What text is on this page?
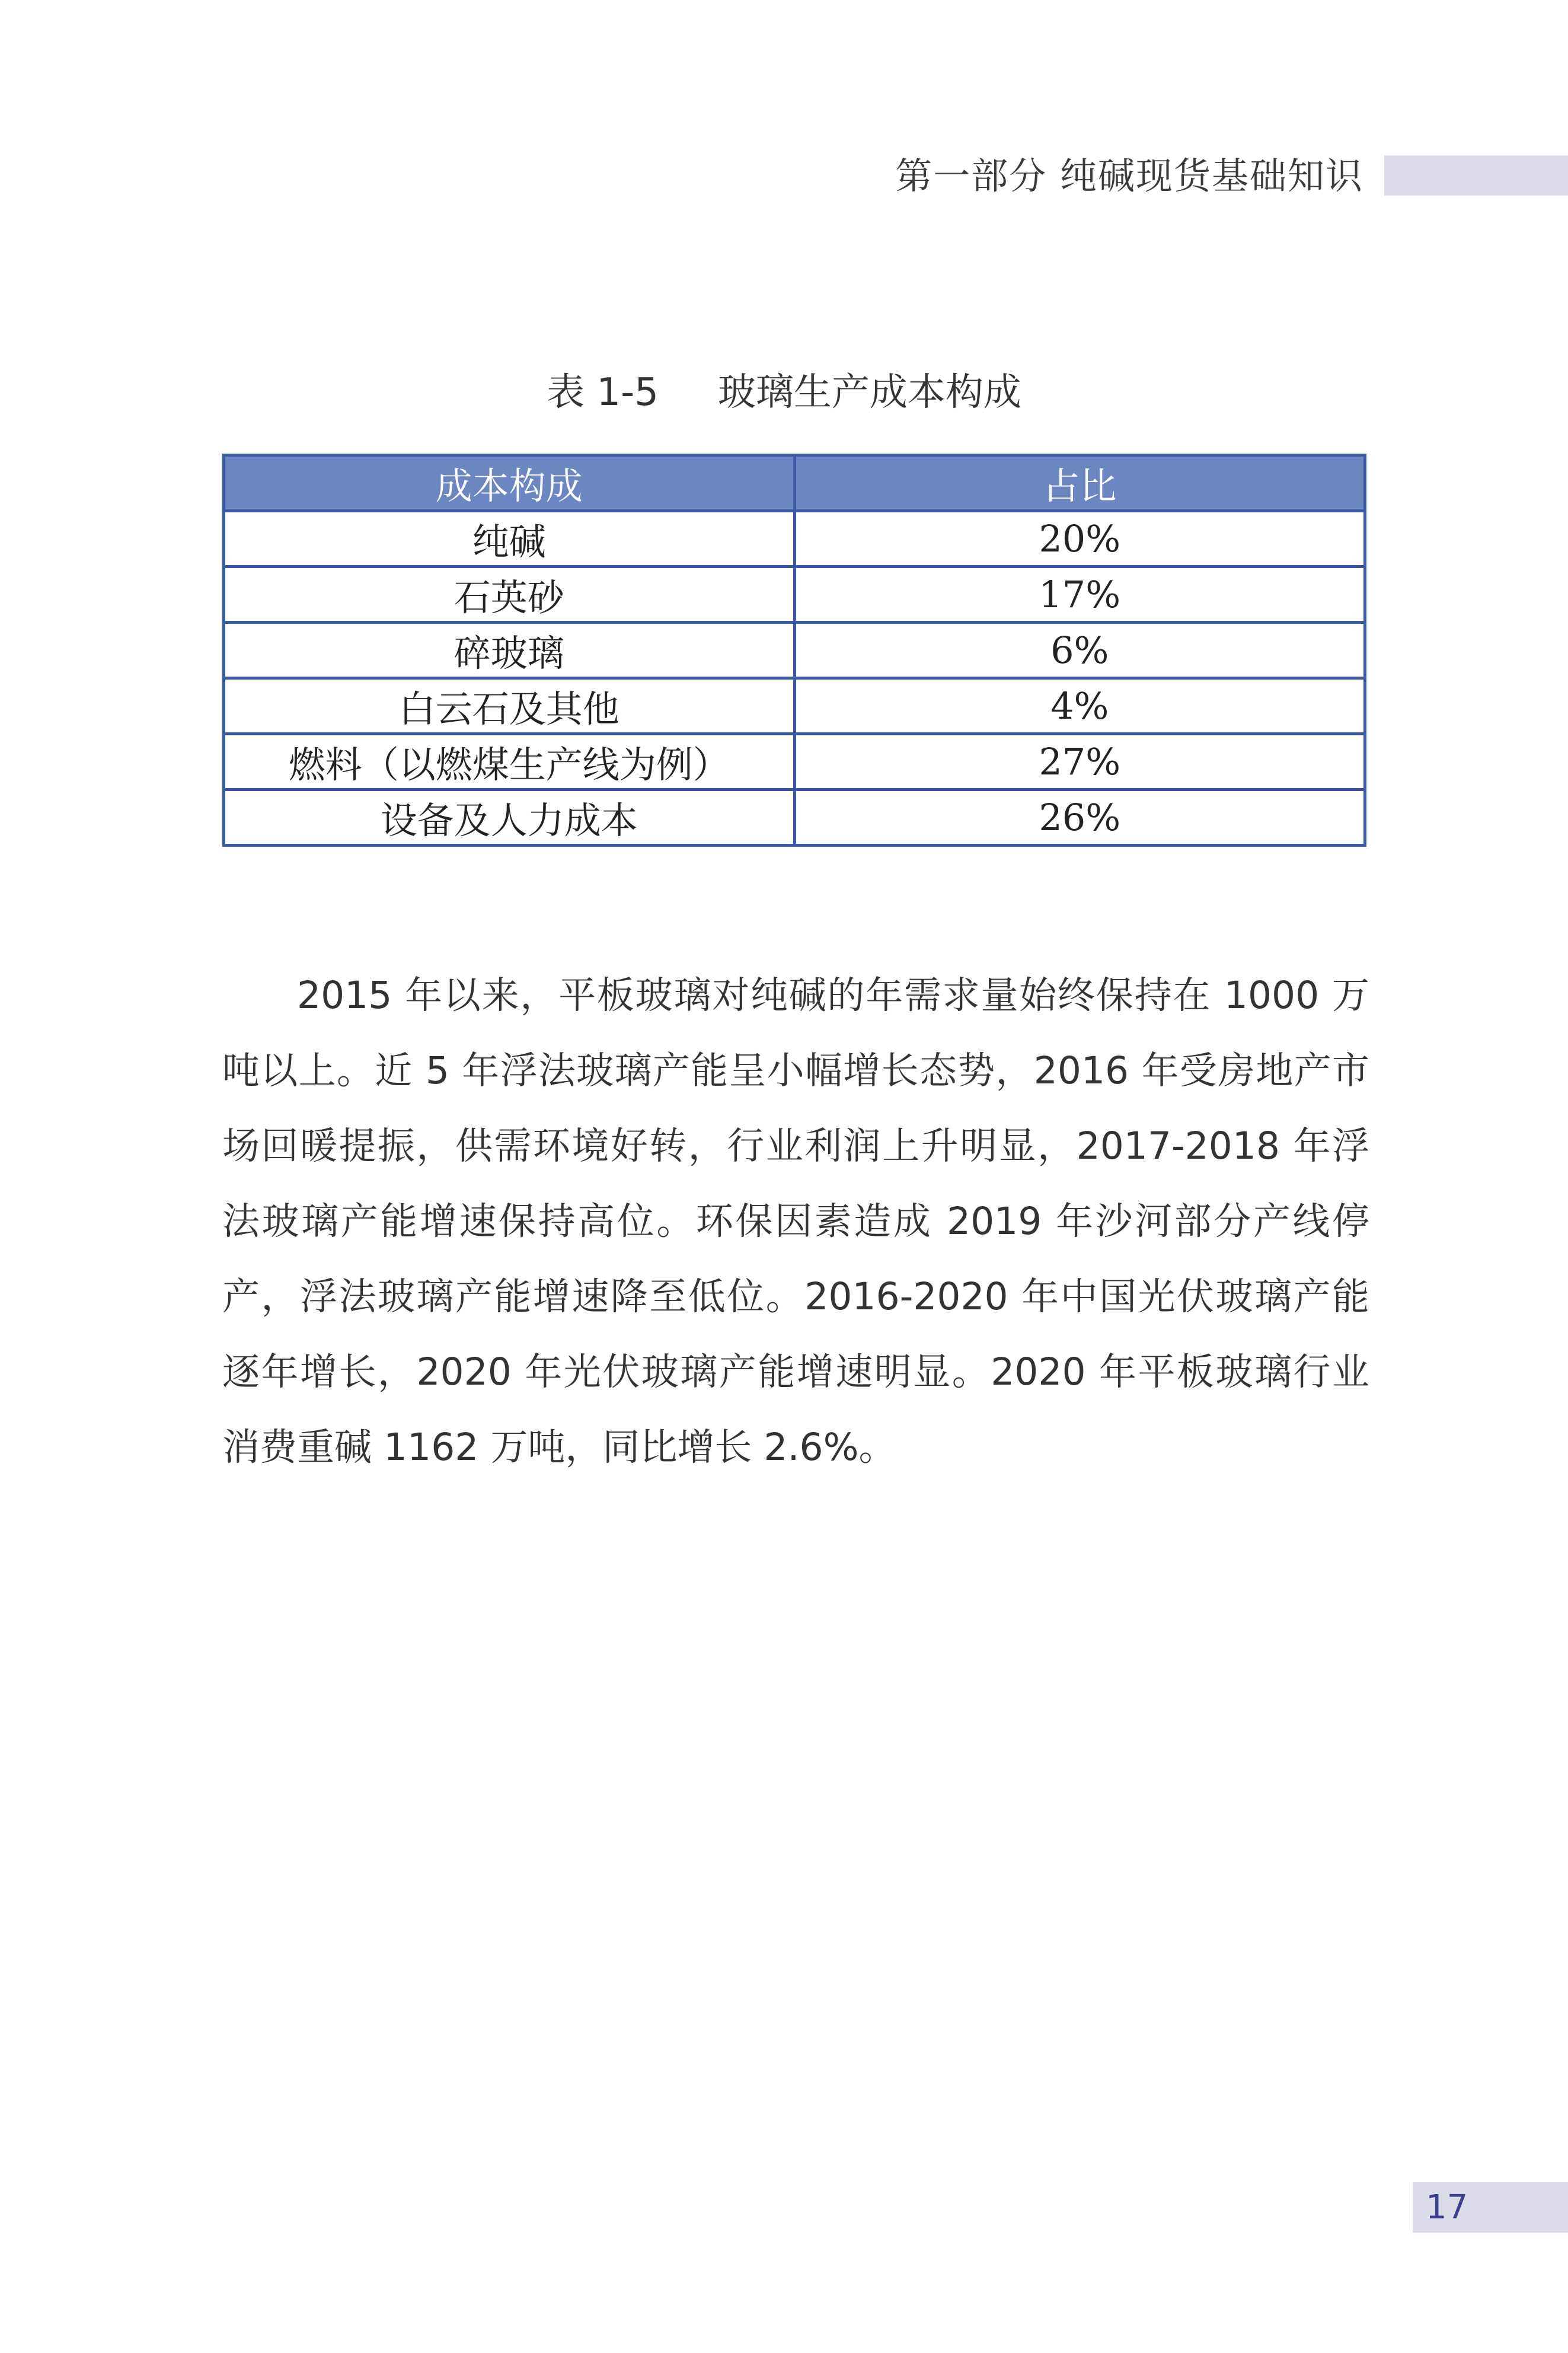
第一部分 纯碱现货基础知识
表 1-5 玻璃生产成本构成
成本构成	占比
纯碱	20%
石英砂	17%
碎玻璃	6%
白云石及其他	4%
燃料（以燃煤生产线为例）	27%
设备及人力成本	26%

2015 年以来，平板玻璃对纯碱的年需求量始终保持在 1000 万吨以上。近 5 年浮法玻璃产能呈小幅增长态势，2016 年受房地产市场回暖提振，供需环境好转，行业利润上升明显，2017-2018 年浮法玻璃产能增速保持高位。环保因素造成 2019 年沙河部分产线停产，浮法玻璃产能增速降至低位。2016-2020 年中国光伏玻璃产能逐年增长，2020 年光伏玻璃产能增速明显。2020 年平板玻璃行业消费重碱 1162 万吨，同比增长 2.6%。

17
